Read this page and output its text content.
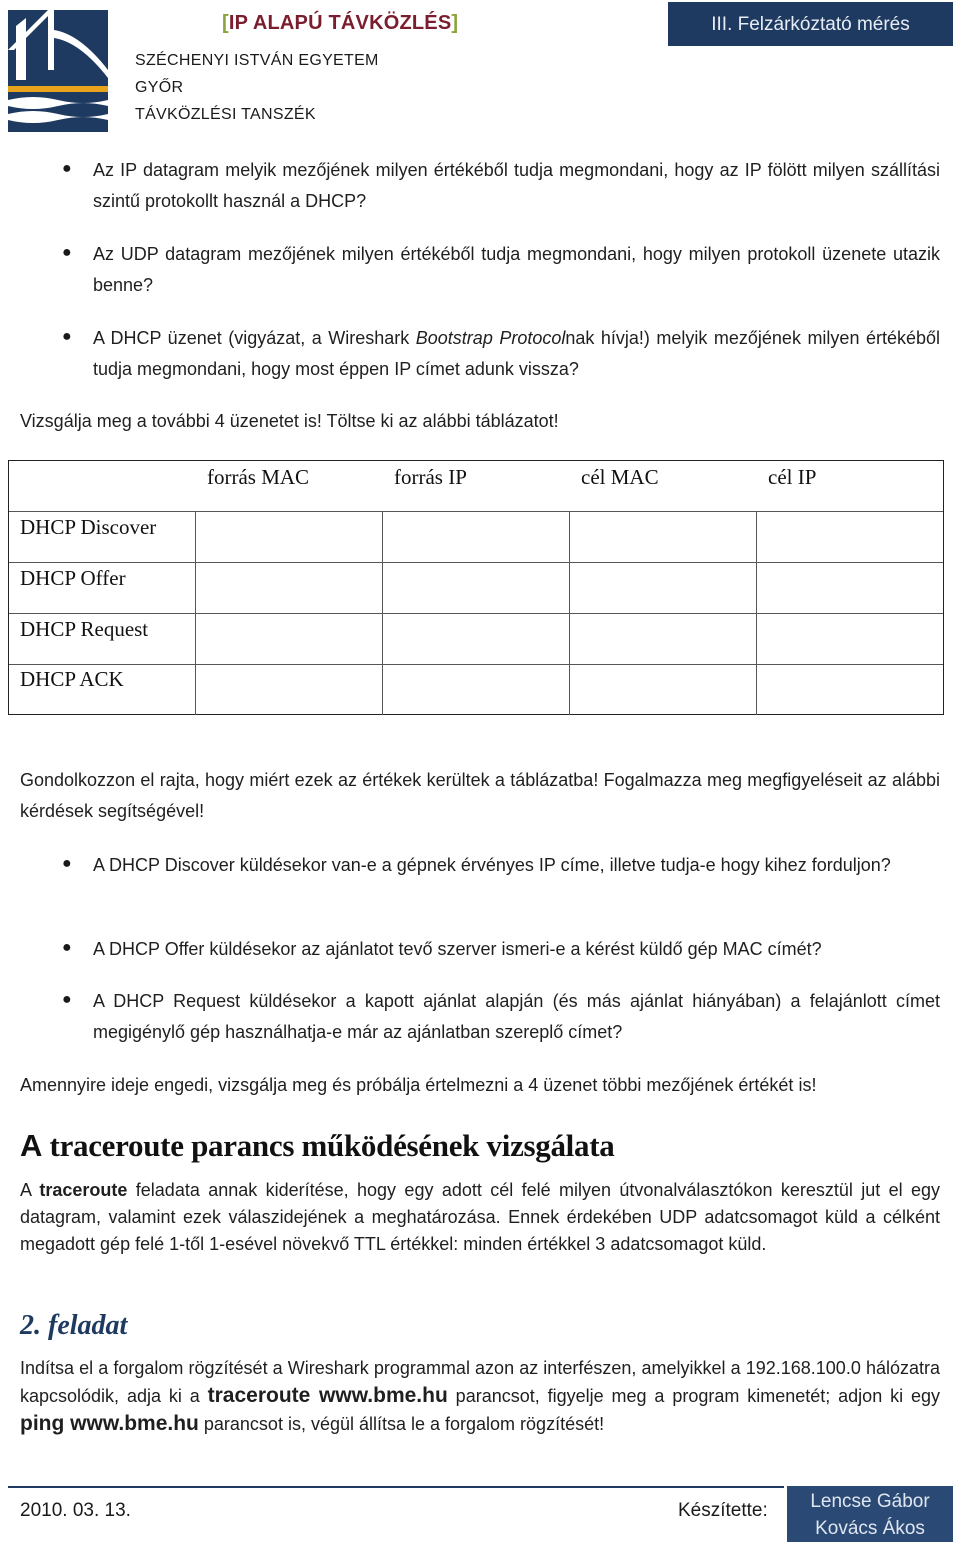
[IP ALAPÚ TÁVKÖZLÉS]
SZÉCHENYI ISTVÁN EGYETEM
GYŐR
TÁVKÖZLÉSI TANSZÉK
III. Felzárkóztató mérés
● Az IP datagram melyik mezőjének milyen értékéből tudja megmondani, hogy az IP fölött milyen szállítási szintű protokollt használ a DHCP?
● Az UDP datagram mezőjének milyen értékéből tudja megmondani, hogy milyen protokoll üzenete utazik benne?
● A DHCP üzenet (vigyázat, a Wireshark Bootstrap Protocolnak hívja!) melyik mezőjének milyen értékéből tudja megmondani, hogy most éppen IP címet adunk vissza?
Vizsgálja meg a további 4 üzenetet is! Töltse ki az alábbi táblázatot!
forrás MAC	forrás IP	cél MAC	cél IP
DHCP Discover
DHCP Offer
DHCP Request
DHCP ACK
Gondolkozzon el rajta, hogy miért ezek az értékek kerültek a táblázatba! Fogalmazza meg megfigyeléseit az alábbi kérdések segítségével!
● A DHCP Discover küldésekor van-e a gépnek érvényes IP címe, illetve tudja-e hogy kihez forduljon?
● A DHCP Offer küldésekor az ajánlatot tevő szerver ismeri-e a kérést küldő gép MAC címét?
● A DHCP Request küldésekor a kapott ajánlat alapján (és más ajánlat hiányában) a felajánlott címet megigénylő gép használhatja-e már az ajánlatban szereplő címet?
Amennyire ideje engedi, vizsgálja meg és próbálja értelmezni a 4 üzenet többi mezőjének értékét is!
A traceroute parancs működésének vizsgálata
A traceroute feladata annak kiderítése, hogy egy adott cél felé milyen útvonalválasztókon keresztül jut el egy datagram, valamint ezek válaszidejének a meghatározása. Ennek érdekében UDP adatcsomagot küld a célként megadott gép felé 1-től 1-esével növekvő TTL értékkel: minden értékkel 3 adatcsomagot küld.
2. feladat
Indítsa el a forgalom rögzítését a Wireshark programmal azon az interfészen, amelyikkel a 192.168.100.0 hálózatra kapcsolódik, adja ki a traceroute www.bme.hu parancsot, figyelje meg a program kimenetét; adjon ki egy ping www.bme.hu parancsot is, végül állítsa le a forgalom rögzítését!
2010. 03. 13.	Készítette:	Lencse Gábor
Kovács Ákos
